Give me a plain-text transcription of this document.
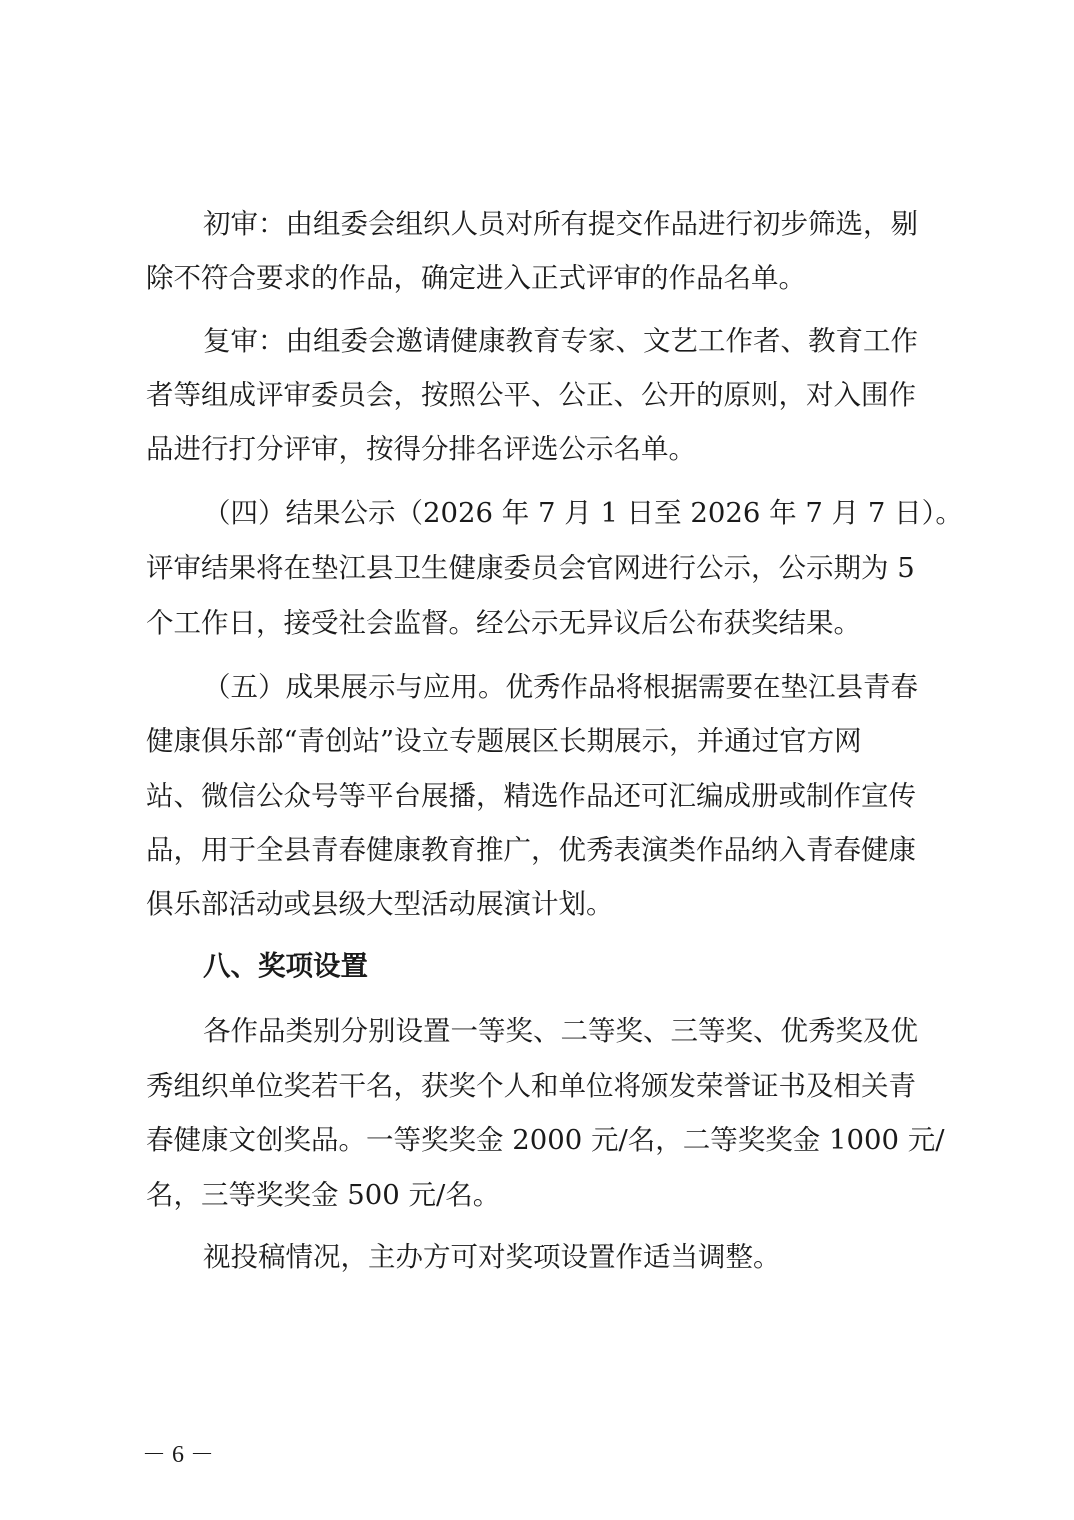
初审：由组委会组织人员对所有提交作品进行初步筛选，剔
除不符合要求的作品，确定进入正式评审的作品名单。
复审：由组委会邀请健康教育专家、文艺工作者、教育工作
者等组成评审委员会，按照公平、公正、公开的原则，对入围作
品进行打分评审，按得分排名评选公示名单。
（四）结果公示（2026 年 7 月 1 日至 2026 年 7 月 7 日）。
评审结果将在垫江县卫生健康委员会官网进行公示，公示期为 5
个工作日，接受社会监督。经公示无异议后公布获奖结果。
（五）成果展示与应用。优秀作品将根据需要在垫江县青春
健康俱乐部“青创站”设立专题展区长期展示，并通过官方网
站、微信公众号等平台展播，精选作品还可汇编成册或制作宣传
品，用于全县青春健康教育推广，优秀表演类作品纳入青春健康
俱乐部活动或县级大型活动展演计划。
八、奖项设置
各作品类别分别设置一等奖、二等奖、三等奖、优秀奖及优
秀组织单位奖若干名，获奖个人和单位将颁发荣誉证书及相关青
春健康文创奖品。一等奖奖金 2000 元/名，二等奖奖金 1000 元/
名，三等奖奖金 500 元/名。
视投稿情况，主办方可对奖项设置作适当调整。
－ 6 －
